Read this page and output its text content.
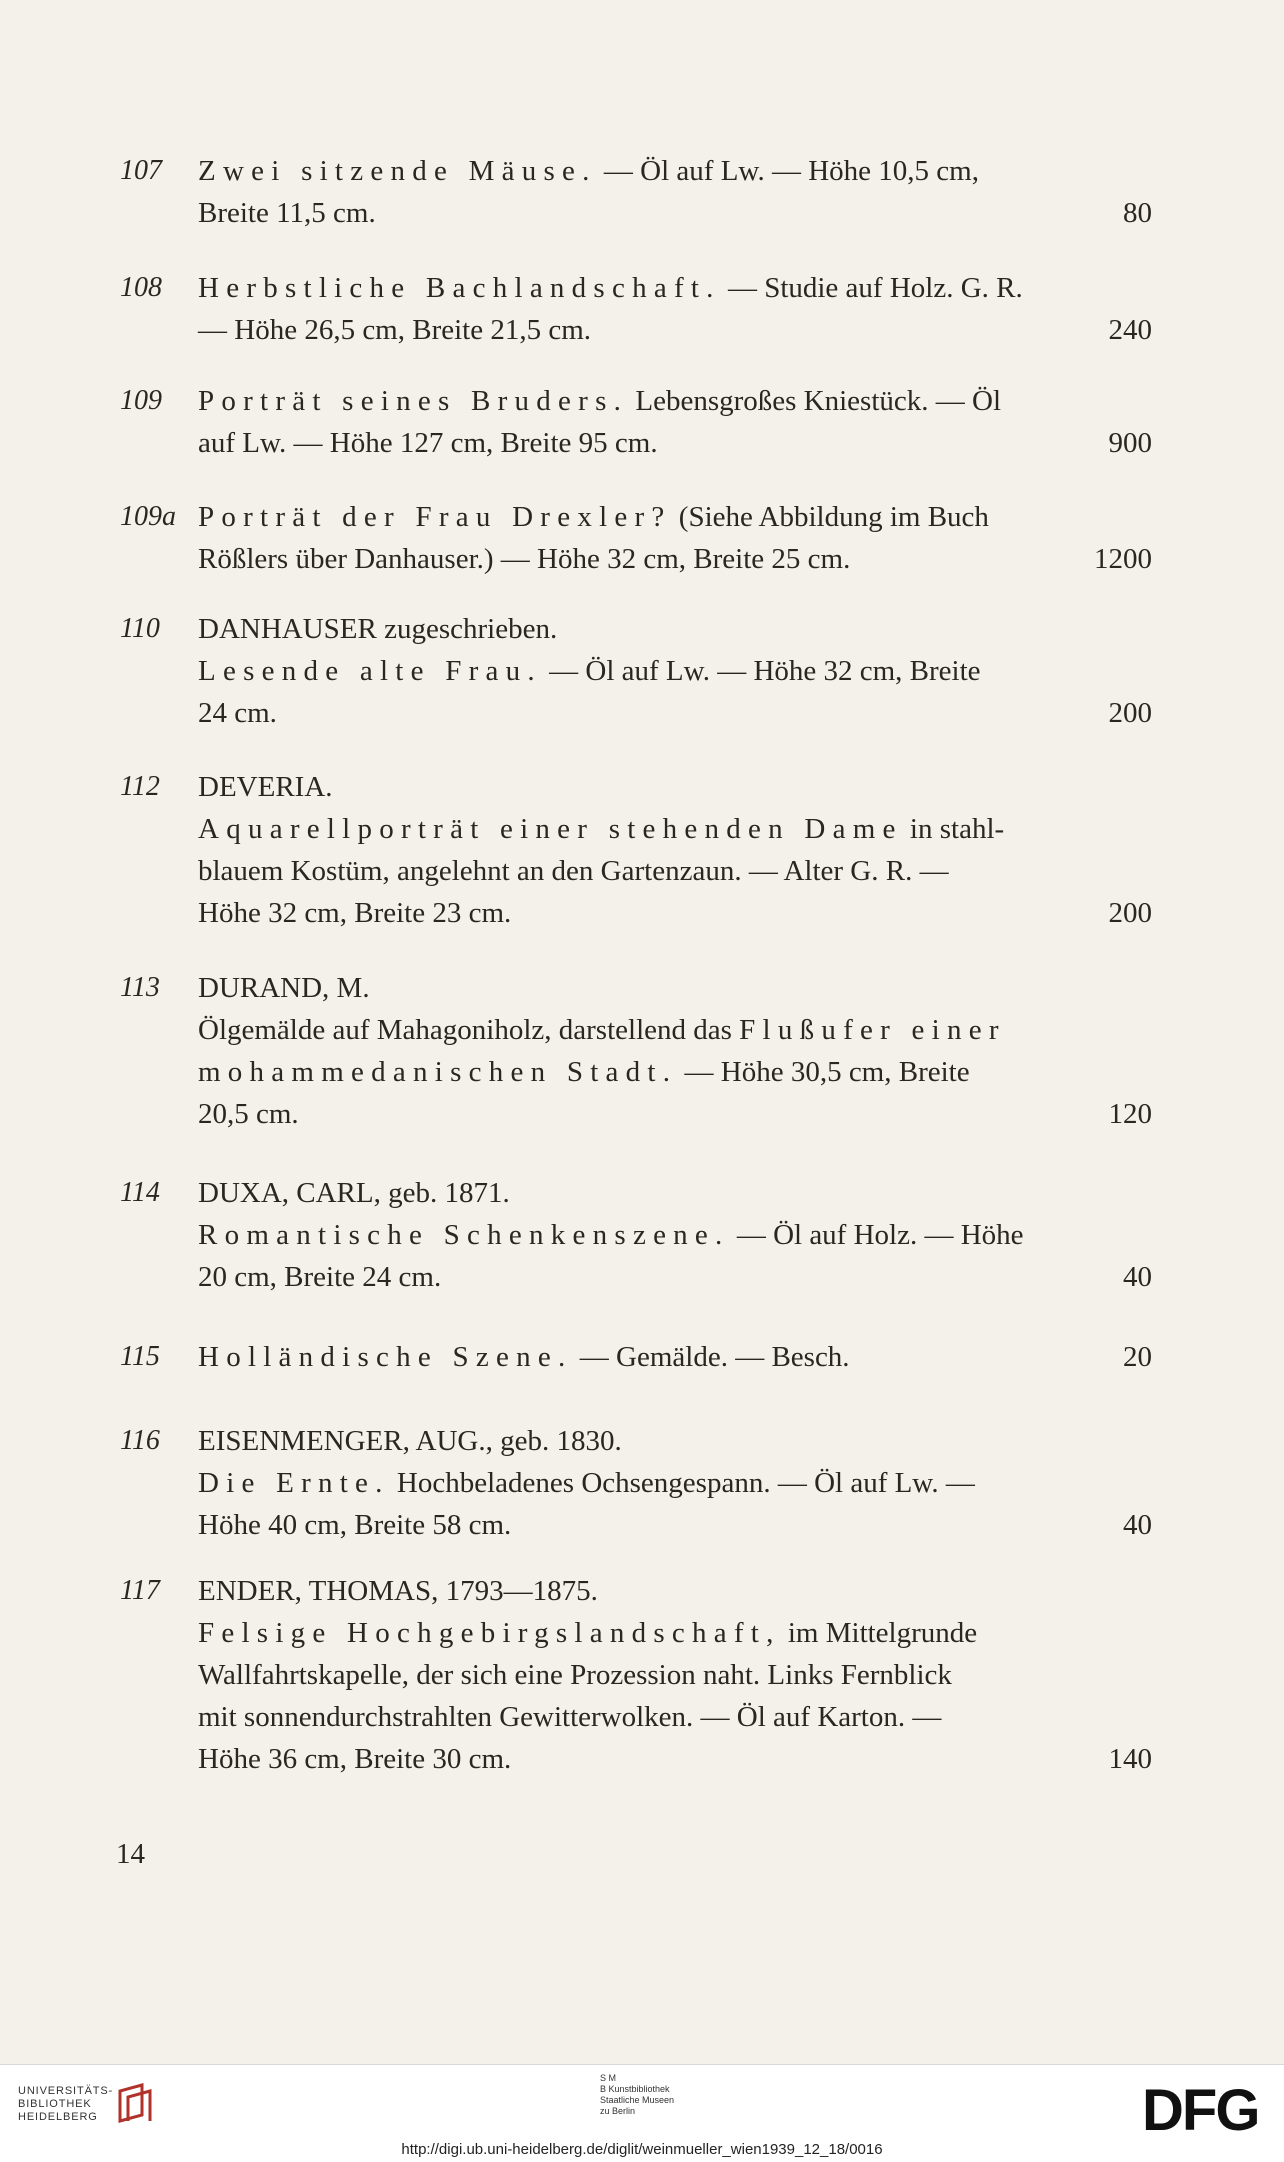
107 Zwei sitzende Mäuse. — Öl auf Lw. — Höhe 10,5 cm,
Breite 11,5 cm.	80
108 Herbstliche Bachlandschaft. — Studie auf Holz. G. R.
— Höhe 26,5 cm, Breite 21,5 cm.	240
109 Porträt seines Bruders. Lebensgroßes Kniestück. — Öl
auf Lw. — Höhe 127 cm, Breite 95 cm.	900
109a Porträt der Frau Drexler? (Siehe Abbildung im Buch
Rößlers über Danhauser.) — Höhe 32 cm, Breite 25 cm.	1200
110 DANHAUSER zugeschrieben.
Lesende alte Frau. — Öl auf Lw. — Höhe 32 cm, Breite
24 cm.	200
112 DEVERIA.
Aquarellporträt einer stehenden Dame in stahl-
blauem Kostüm, angelehnt an den Gartenzaun. — Alter G. R. —
Höhe 32 cm, Breite 23 cm.	200
113 DURAND, M.
Ölgemälde auf Mahagoniholz, darstellend das Flußufer einer
mohammedanischen Stadt. — Höhe 30,5 cm, Breite
20,5 cm.	120
114 DUXA, CARL, geb. 1871.
Romantische Schenkenszene. — Öl auf Holz. — Höhe
20 cm, Breite 24 cm.	40
115 Holländische Szene. — Gemälde. — Besch.	20
116 EISENMENGER, AUG., geb. 1830.
Die Ernte. Hochbeladenes Ochsengespann. — Öl auf Lw. —
Höhe 40 cm, Breite 58 cm.	40
117 ENDER, THOMAS, 1793—1875.
Felsige Hochgebirgslandschaft, im Mittelgrunde
Wallfahrtskapelle, der sich eine Prozession naht. Links Fernblick
mit sonnendurchstrahlten Gewitterwolken. — Öl auf Karton. —
Höhe 36 cm, Breite 30 cm.	140
14
UNIVERSITÄTS-
BIBLIOTHEK
HEIDELBERG
S M
B Kunstbibliothek
Staatliche Museen
zu Berlin	DFG
http://digi.ub.uni-heidelberg.de/diglit/weinmueller_wien1939_12_18/0016
